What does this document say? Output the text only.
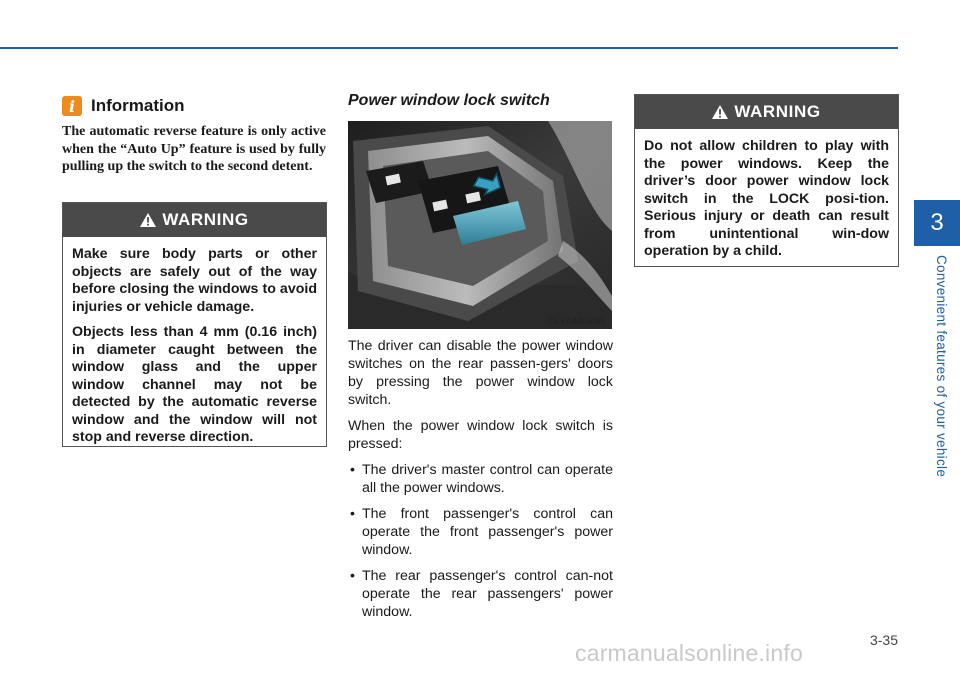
i Information
The automatic reverse feature is only active when the “Auto Up” feature is used by fully pulling up the switch to the second detent.
WARNING

Make sure body parts or other objects are safely out of the way before closing the windows to avoid injuries or vehicle damage.

Objects less than 4 mm (0.16 inch) in diameter caught between the window glass and the upper window channel may not be detected by the automatic reverse window and the window will not stop and reverse direction.

Power window lock switch
OLF044033R

The driver can disable the power window switches on the rear passen-gers' doors by pressing the power window lock switch.

When the power window lock switch is pressed:

• The driver's master control can operate all the power windows.
• The front passenger's control can operate the front passenger's power window.
• The rear passenger's control can-not operate the rear passengers' power window.
WARNING

Do not allow children to play with the power windows. Keep the driver’s door power window lock switch in the LOCK posi-tion. Serious injury or death can result from unintentional win-dow operation by a child.

3
Convenient features of your vehicle
3-35
carmanualsonline.info
